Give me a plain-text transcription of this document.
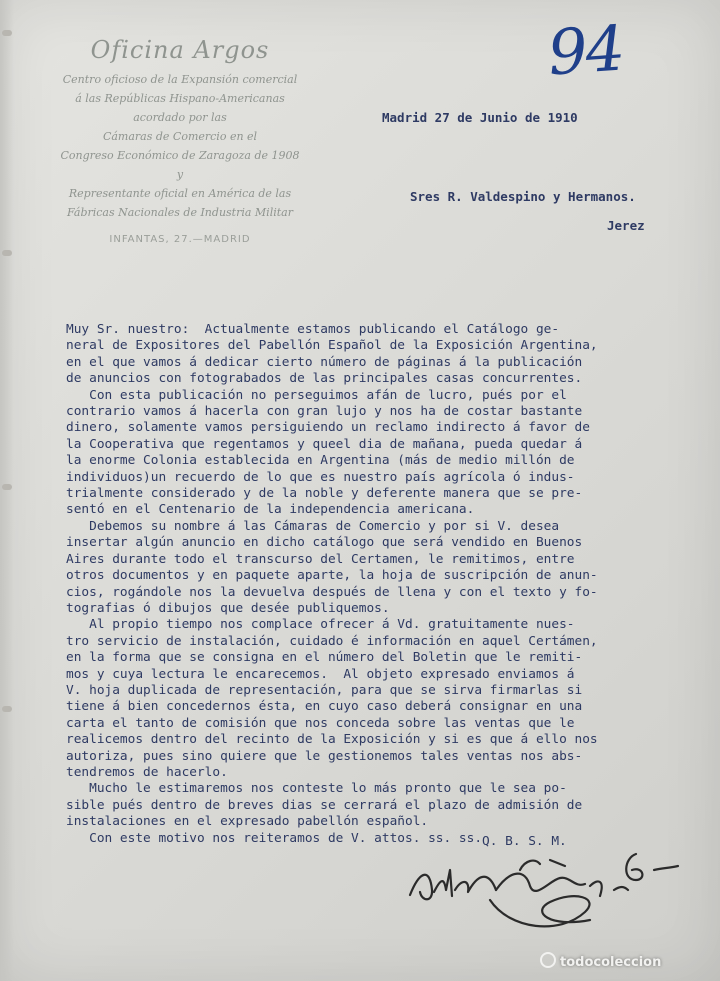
Oficina Argos
Centro oficioso de la Expansión comercial
á las Repúblicas Hispano-Americanas
acordado por las
Cámaras de Comercio en el
Congreso Económico de Zaragoza de 1908
y
Representante oficial en América de las
Fábricas Nacionales de Industria Militar
INFANTAS, 27.—MADRID
94
Madrid 27 de Junio de 1910
Sres R. Valdespino y Hermanos.
Jerez
Muy Sr. nuestro:  Actualmente estamos publicando el Catálogo ge-
neral de Expositores del Pabellón Español de la Exposición Argentina,
en el que vamos á dedicar cierto número de páginas á la publicación
de anuncios con fotograbados de las principales casas concurrentes.
Con esta publicación no perseguimos afán de lucro, pués por el
contrario vamos á hacerla con gran lujo y nos ha de costar bastante
dinero, solamente vamos persiguiendo un reclamo indirecto á favor de
la Cooperativa que regentamos y queel dia de mañana, pueda quedar á
la enorme Colonia establecida en Argentina (más de medio millón de
individuos)un recuerdo de lo que es nuestro país agrícola ó indus-
trialmente considerado y de la noble y deferente manera que se pre-
sentó en el Centenario de la independencia americana.
Debemos su nombre á las Cámaras de Comercio y por si V. desea
insertar algún anuncio en dicho catálogo que será vendido en Buenos
Aires durante todo el transcurso del Certamen, le remitimos, entre
otros documentos y en paquete aparte, la hoja de suscripción de anun-
cios, rogándole nos la devuelva después de llena y con el texto y fo-
tografias ó dibujos que desée publiquemos.
Al propio tiempo nos complace ofrecer á Vd. gratuitamente nues-
tro servicio de instalación, cuidado é información en aquel Certámen,
en la forma que se consigna en el número del Boletin que le remiti-
mos y cuya lectura le encarecemos.  Al objeto expresado enviamos á
V. hoja duplicada de representación, para que se sirva firmarlas si
tiene á bien concedernos ésta, en cuyo caso deberá consignar en una
carta el tanto de comisión que nos conceda sobre las ventas que le
realicemos dentro del recinto de la Exposición y si es que á ello nos
autoriza, pues sino quiere que le gestionemos tales ventas nos abs-
tendremos de hacerlo.
Mucho le estimaremos nos conteste lo más pronto que le sea po-
sible pués dentro de breves dias se cerrará el plazo de admisión de
instalaciones en el expresado pabellón español.
Con este motivo nos reiteramos de V. attos. ss. ss. Q. B. S. M.
todocoleccion
